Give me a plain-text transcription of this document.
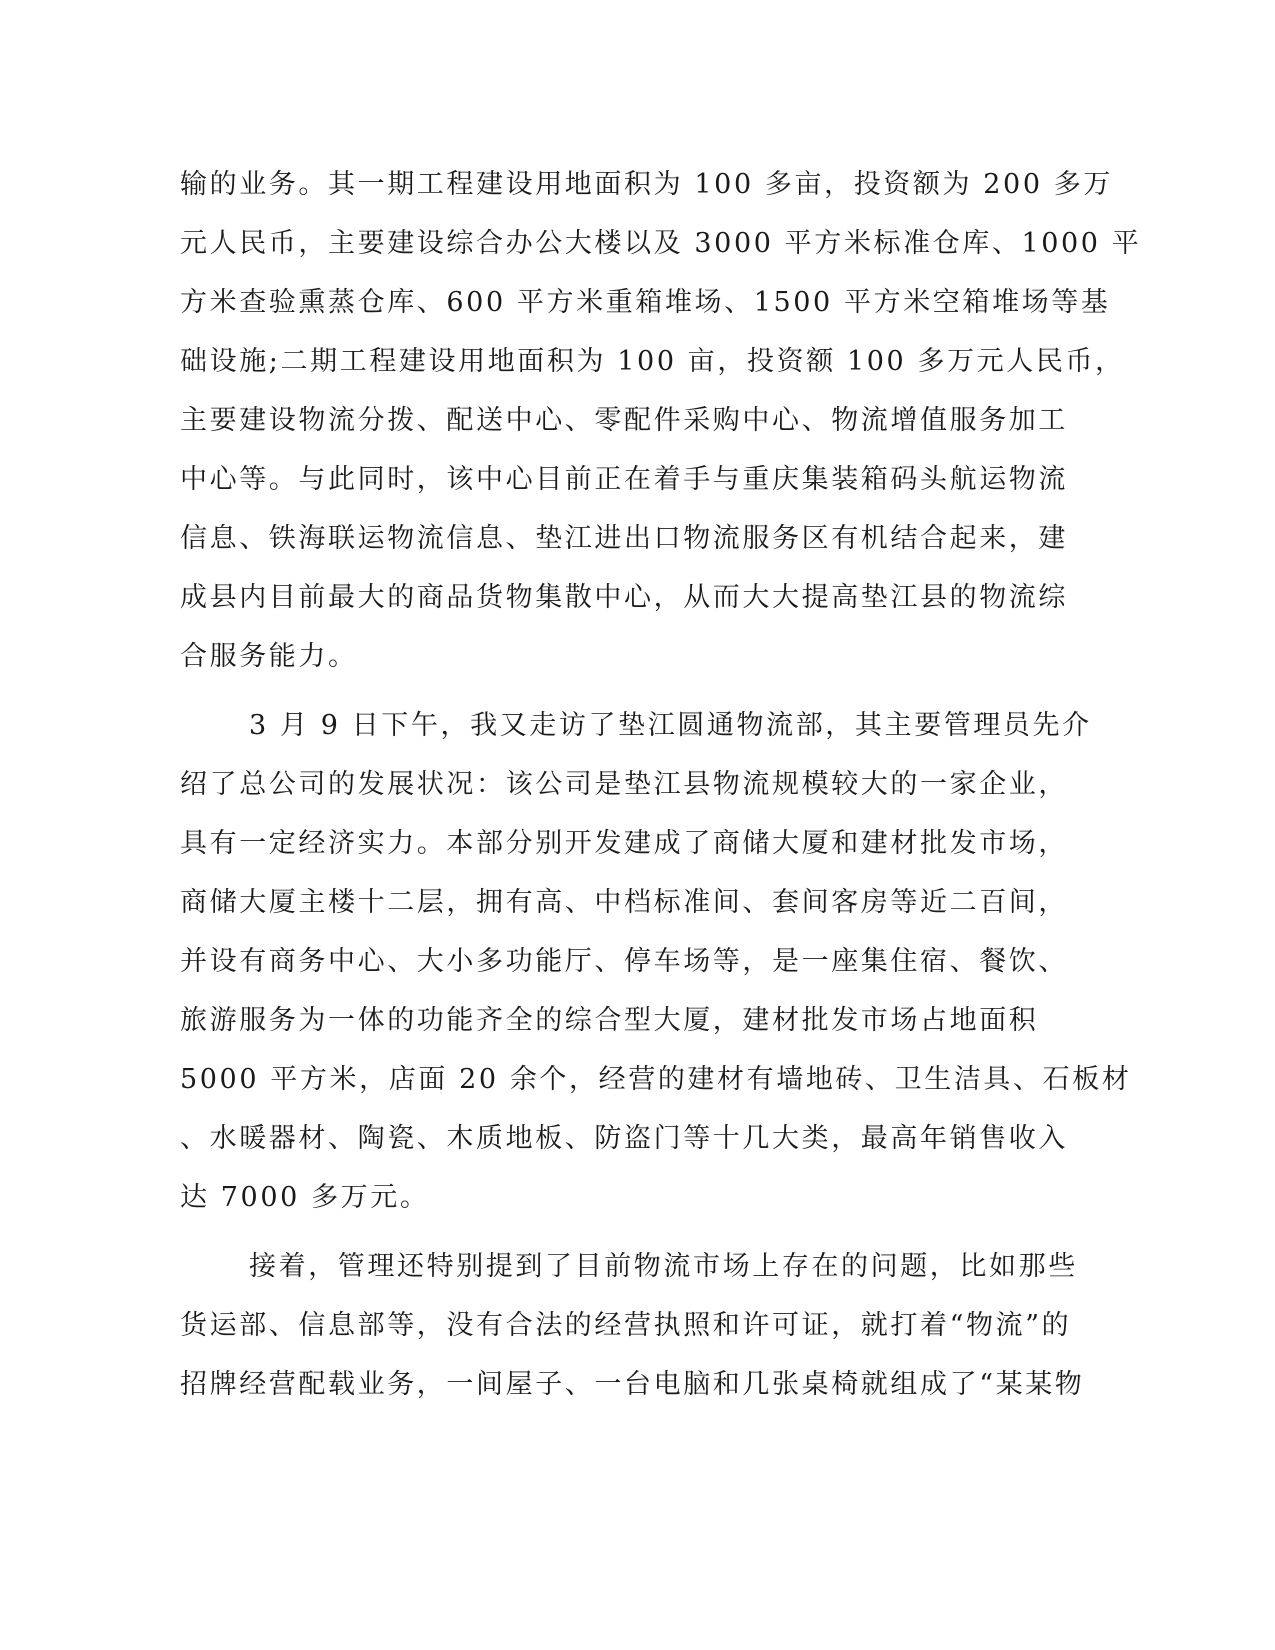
输的业务。其一期工程建设用地面积为 100 多亩，投资额为 200 多万
元人民币，主要建设综合办公大楼以及 3000 平方米标准仓库、1000 平
方米查验熏蒸仓库、600 平方米重箱堆场、1500 平方米空箱堆场等基
础设施;二期工程建设用地面积为 100 亩，投资额 100 多万元人民币，
主要建设物流分拨、配送中心、零配件采购中心、物流增值服务加工
中心等。与此同时，该中心目前正在着手与重庆集装箱码头航运物流
信息、铁海联运物流信息、垫江进出口物流服务区有机结合起来，建
成县内目前最大的商品货物集散中心，从而大大提高垫江县的物流综
合服务能力。
3 月 9 日下午，我又走访了垫江圆通物流部，其主要管理员先介
绍了总公司的发展状况：该公司是垫江县物流规模较大的一家企业，
具有一定经济实力。本部分别开发建成了商储大厦和建材批发市场，
商储大厦主楼十二层，拥有高、中档标准间、套间客房等近二百间，
并设有商务中心、大小多功能厅、停车场等，是一座集住宿、餐饮、
旅游服务为一体的功能齐全的综合型大厦，建材批发市场占地面积
5000 平方米，店面 20 余个，经营的建材有墙地砖、卫生洁具、石板材
、水暖器材、陶瓷、木质地板、防盗门等十几大类，最高年销售收入
达 7000 多万元。
接着，管理还特别提到了目前物流市场上存在的问题，比如那些
货运部、信息部等，没有合法的经营执照和许可证，就打着“物流”的
招牌经营配载业务，一间屋子、一台电脑和几张桌椅就组成了“某某物
